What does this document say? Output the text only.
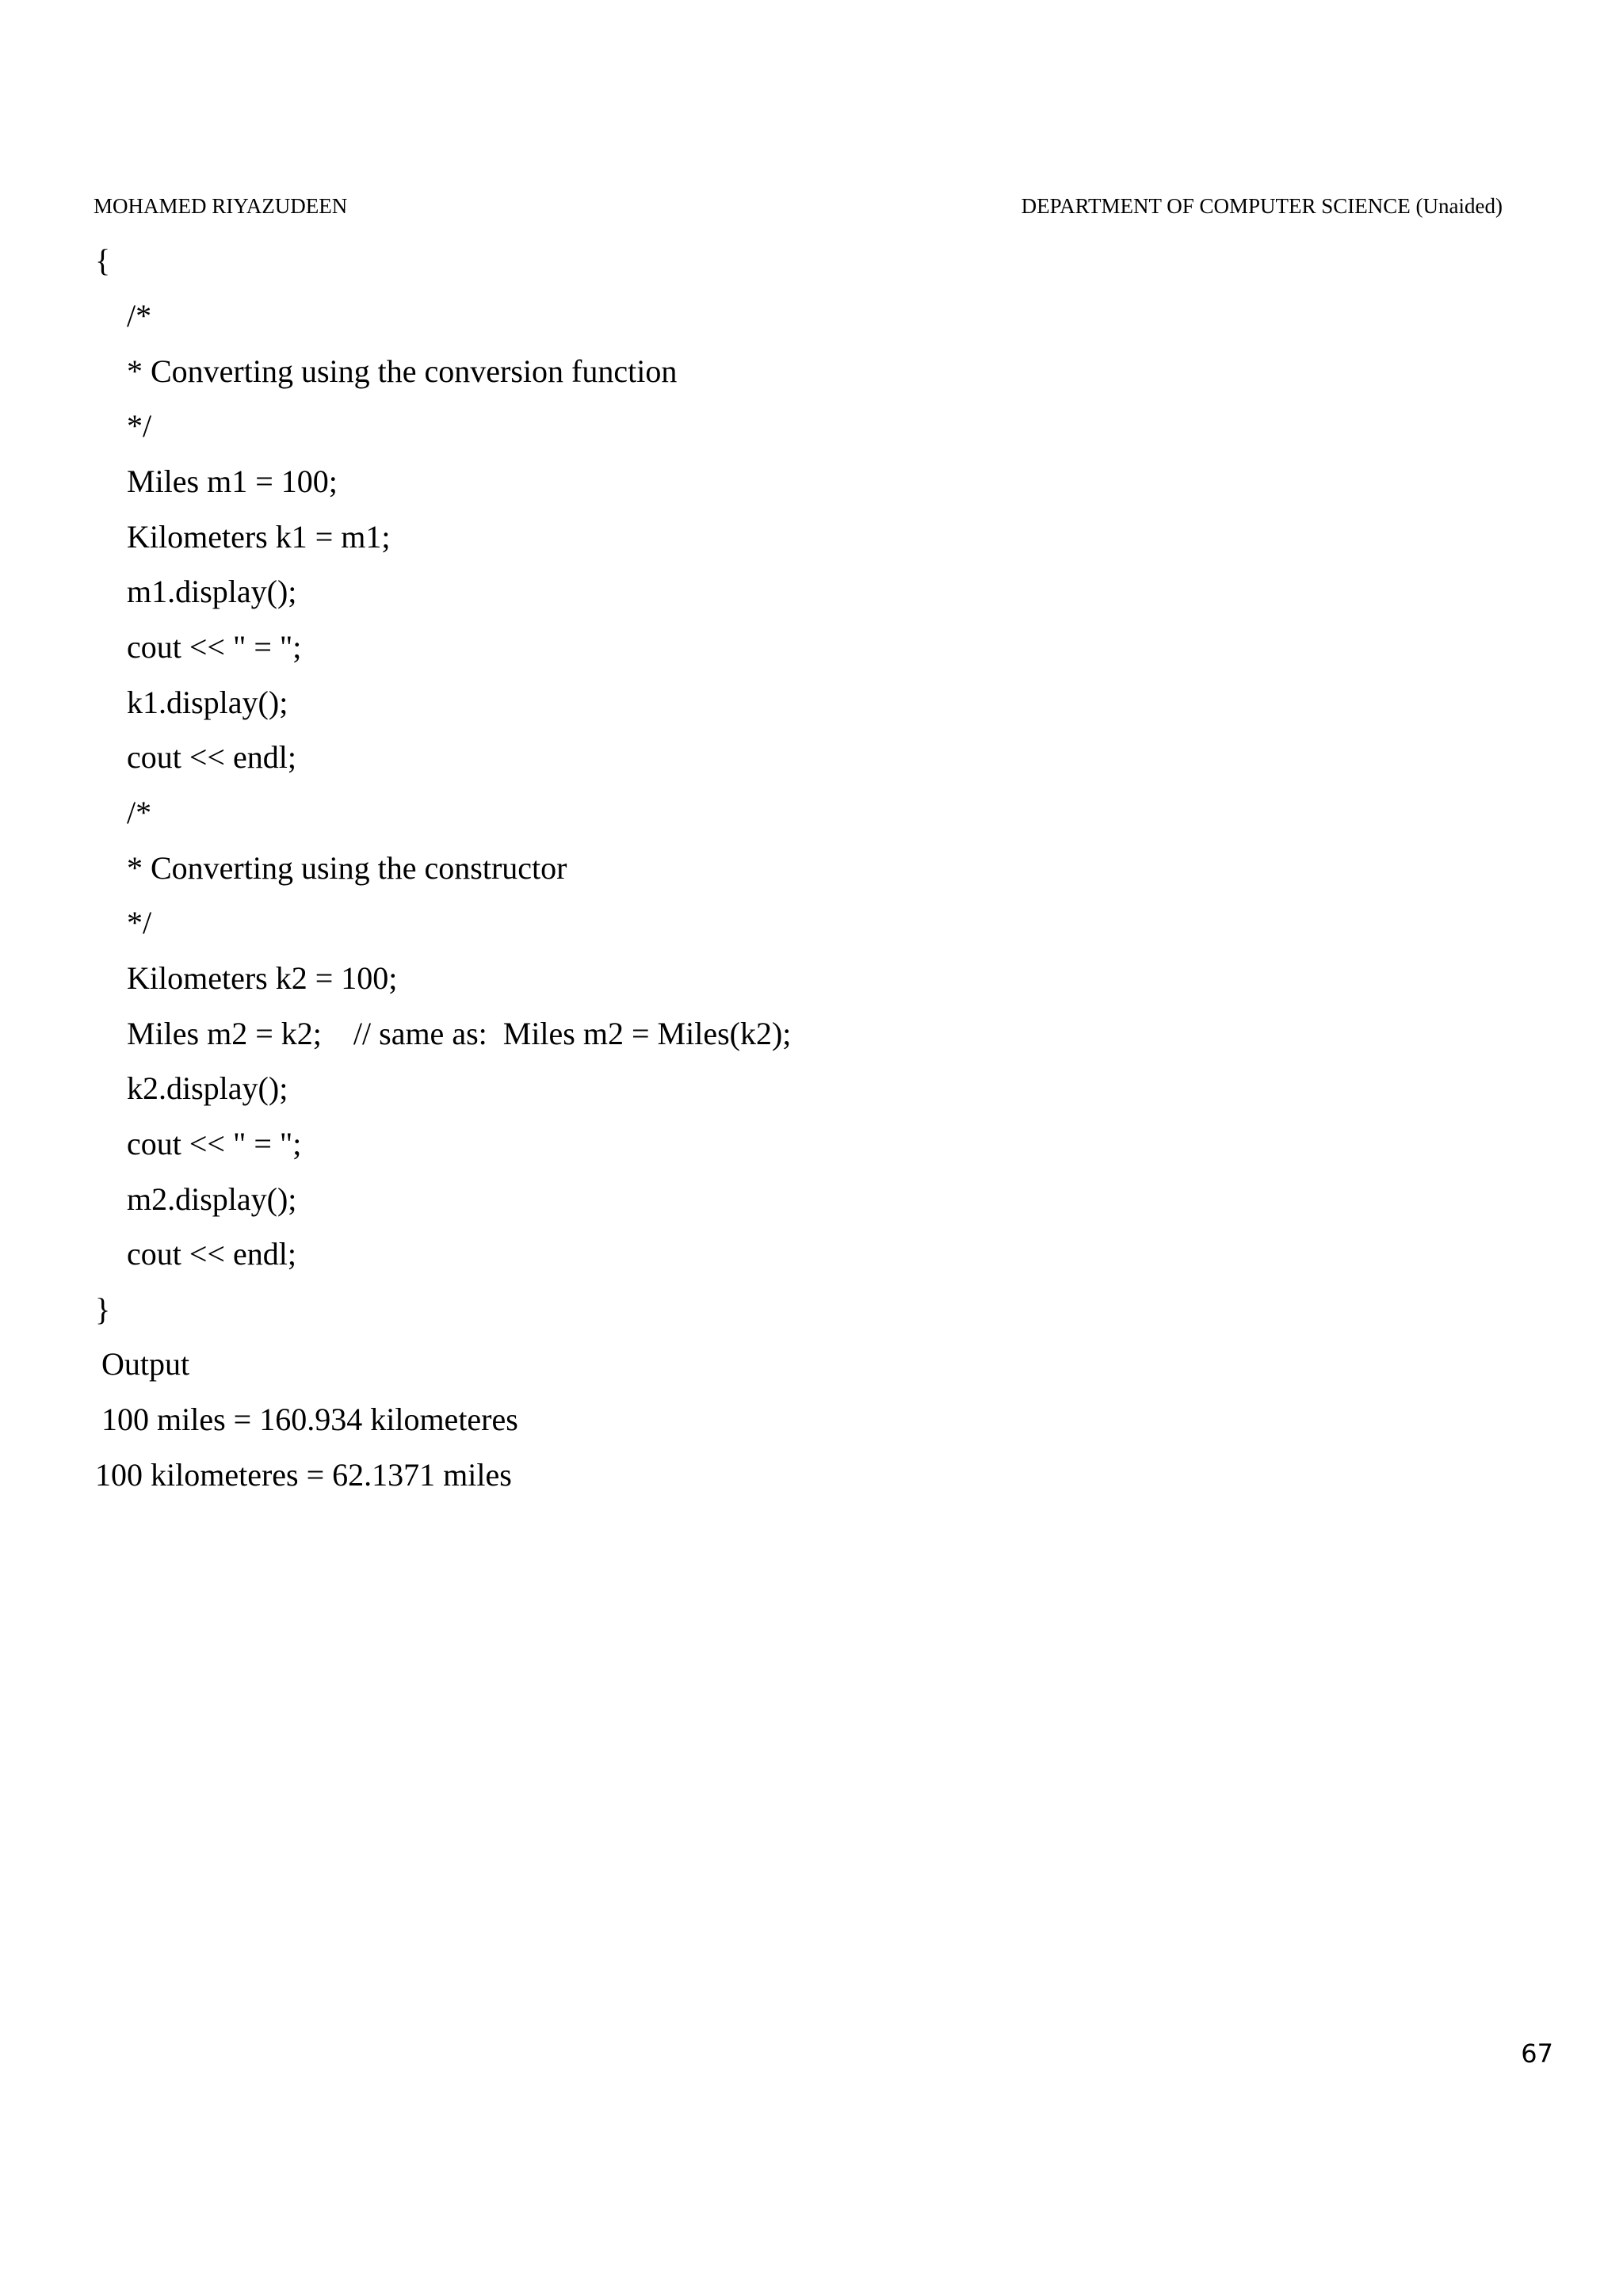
MOHAMED RIYAZUDEEN	DEPARTMENT OF COMPUTER SCIENCE (Unaided)
{
/*
* Converting using the conversion function
*/
Miles m1 = 100;
Kilometers k1 = m1;
m1.display();
cout << " = ";
k1.display();
cout << endl;
/*
* Converting using the constructor
*/
Kilometers k2 = 100;
Miles m2 = k2;    // same as:  Miles m2 = Miles(k2);
k2.display();
cout << " = ";
m2.display();
cout << endl;
}
Output
100 miles = 160.934 kilometeres
100 kilometeres = 62.1371 miles
67
